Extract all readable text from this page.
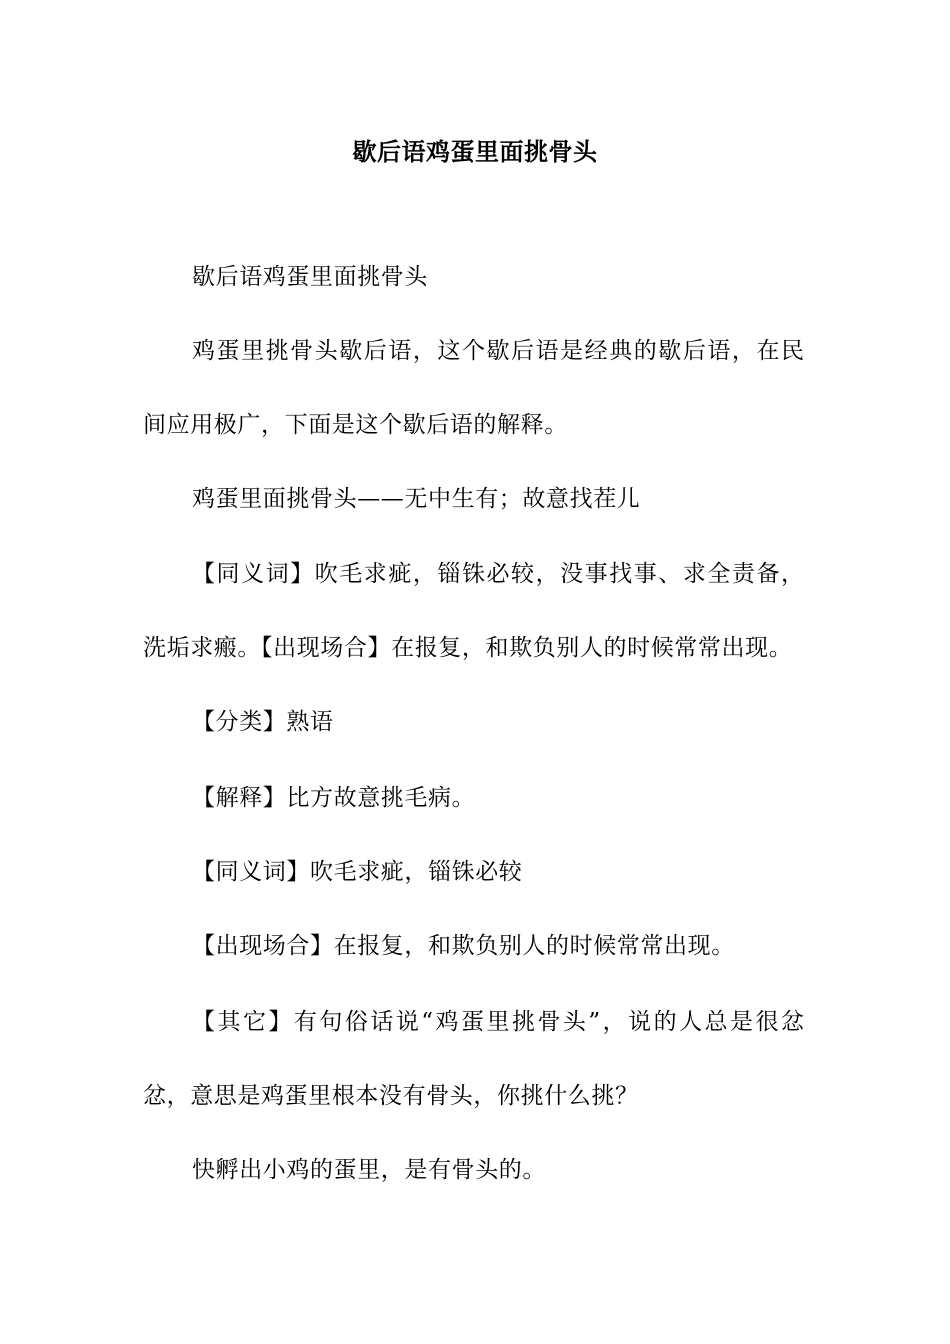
歇后语鸡蛋里面挑骨头
歇后语鸡蛋里面挑骨头
鸡蛋里挑骨头歇后语，这个歇后语是经典的歇后语，在民
间应用极广，下面是这个歇后语的解释。
鸡蛋里面挑骨头——无中生有；故意找茬儿
【同义词】吹毛求疵，锱铢必较，没事找事、求全责备，
洗垢求瘢。【出现场合】在报复，和欺负别人的时候常常出现。
【分类】熟语
【解释】比方故意挑毛病。
【同义词】吹毛求疵，锱铢必较
【出现场合】在报复，和欺负别人的时候常常出现。
【其它】有句俗话说“鸡蛋里挑骨头”，说的人总是很忿
忿，意思是鸡蛋里根本没有骨头，你挑什么挑？
快孵出小鸡的蛋里，是有骨头的。
